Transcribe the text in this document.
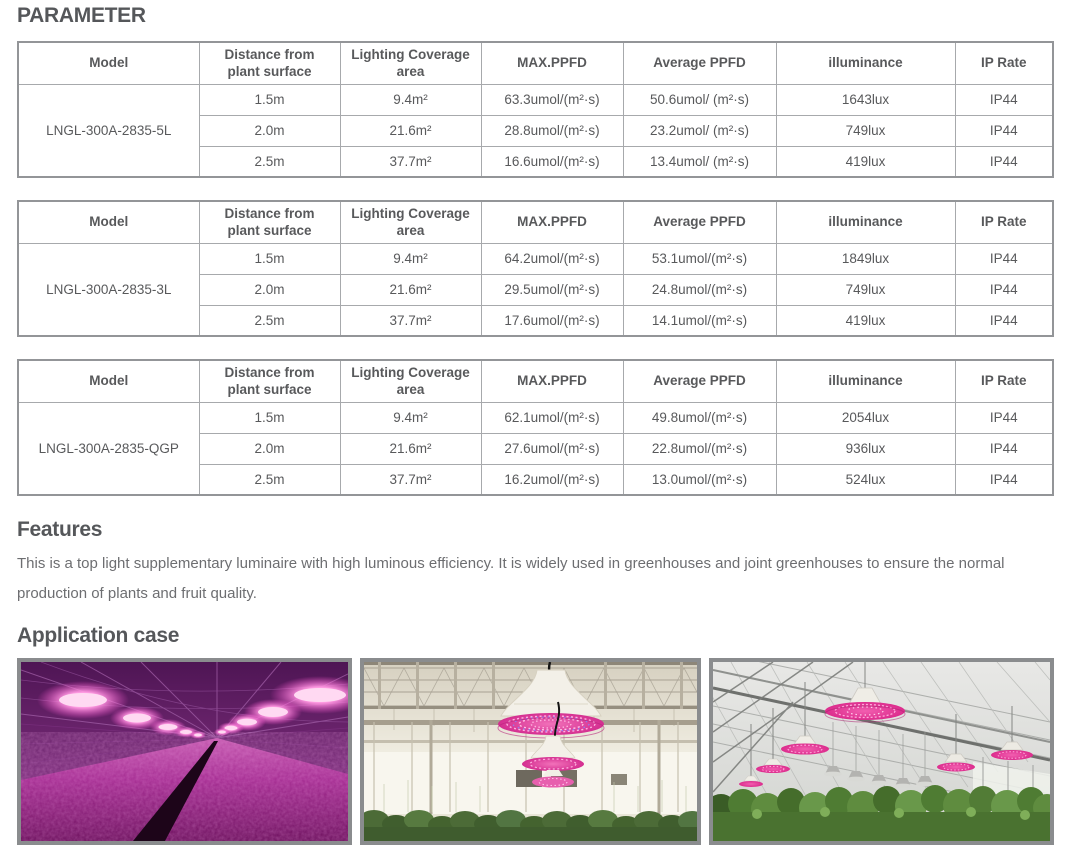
PARAMETER
Model	Distance from plant surface	Lighting Coverage area	MAX.PPFD	Average PPFD	illuminance	IP Rate
LNGL-300A-2835-5L	1.5m	9.4m²	63.3umol/(m²·s)	50.6umol/ (m²·s)	1643lux	IP44
	2.0m	21.6m²	28.8umol/(m²·s)	23.2umol/ (m²·s)	749lux	IP44
	2.5m	37.7m²	16.6umol/(m²·s)	13.4umol/ (m²·s)	419lux	IP44
Model	Distance from plant surface	Lighting Coverage area	MAX.PPFD	Average PPFD	illuminance	IP Rate
LNGL-300A-2835-3L	1.5m	9.4m²	64.2umol/(m²·s)	53.1umol/(m²·s)	1849lux	IP44
	2.0m	21.6m²	29.5umol/(m²·s)	24.8umol/(m²·s)	749lux	IP44
	2.5m	37.7m²	17.6umol/(m²·s)	14.1umol/(m²·s)	419lux	IP44
Model	Distance from plant surface	Lighting Coverage area	MAX.PPFD	Average PPFD	illuminance	IP Rate
LNGL-300A-2835-QGP	1.5m	9.4m²	62.1umol/(m²·s)	49.8umol/(m²·s)	2054lux	IP44
	2.0m	21.6m²	27.6umol/(m²·s)	22.8umol/(m²·s)	936lux	IP44
	2.5m	37.7m²	16.2umol/(m²·s)	13.0umol/(m²·s)	524lux	IP44
Features

This is a top light supplementary luminaire with high luminous efficiency. It is widely used in greenhouses and joint greenhouses to ensure the normal production of plants and fruit quality.

Application case
